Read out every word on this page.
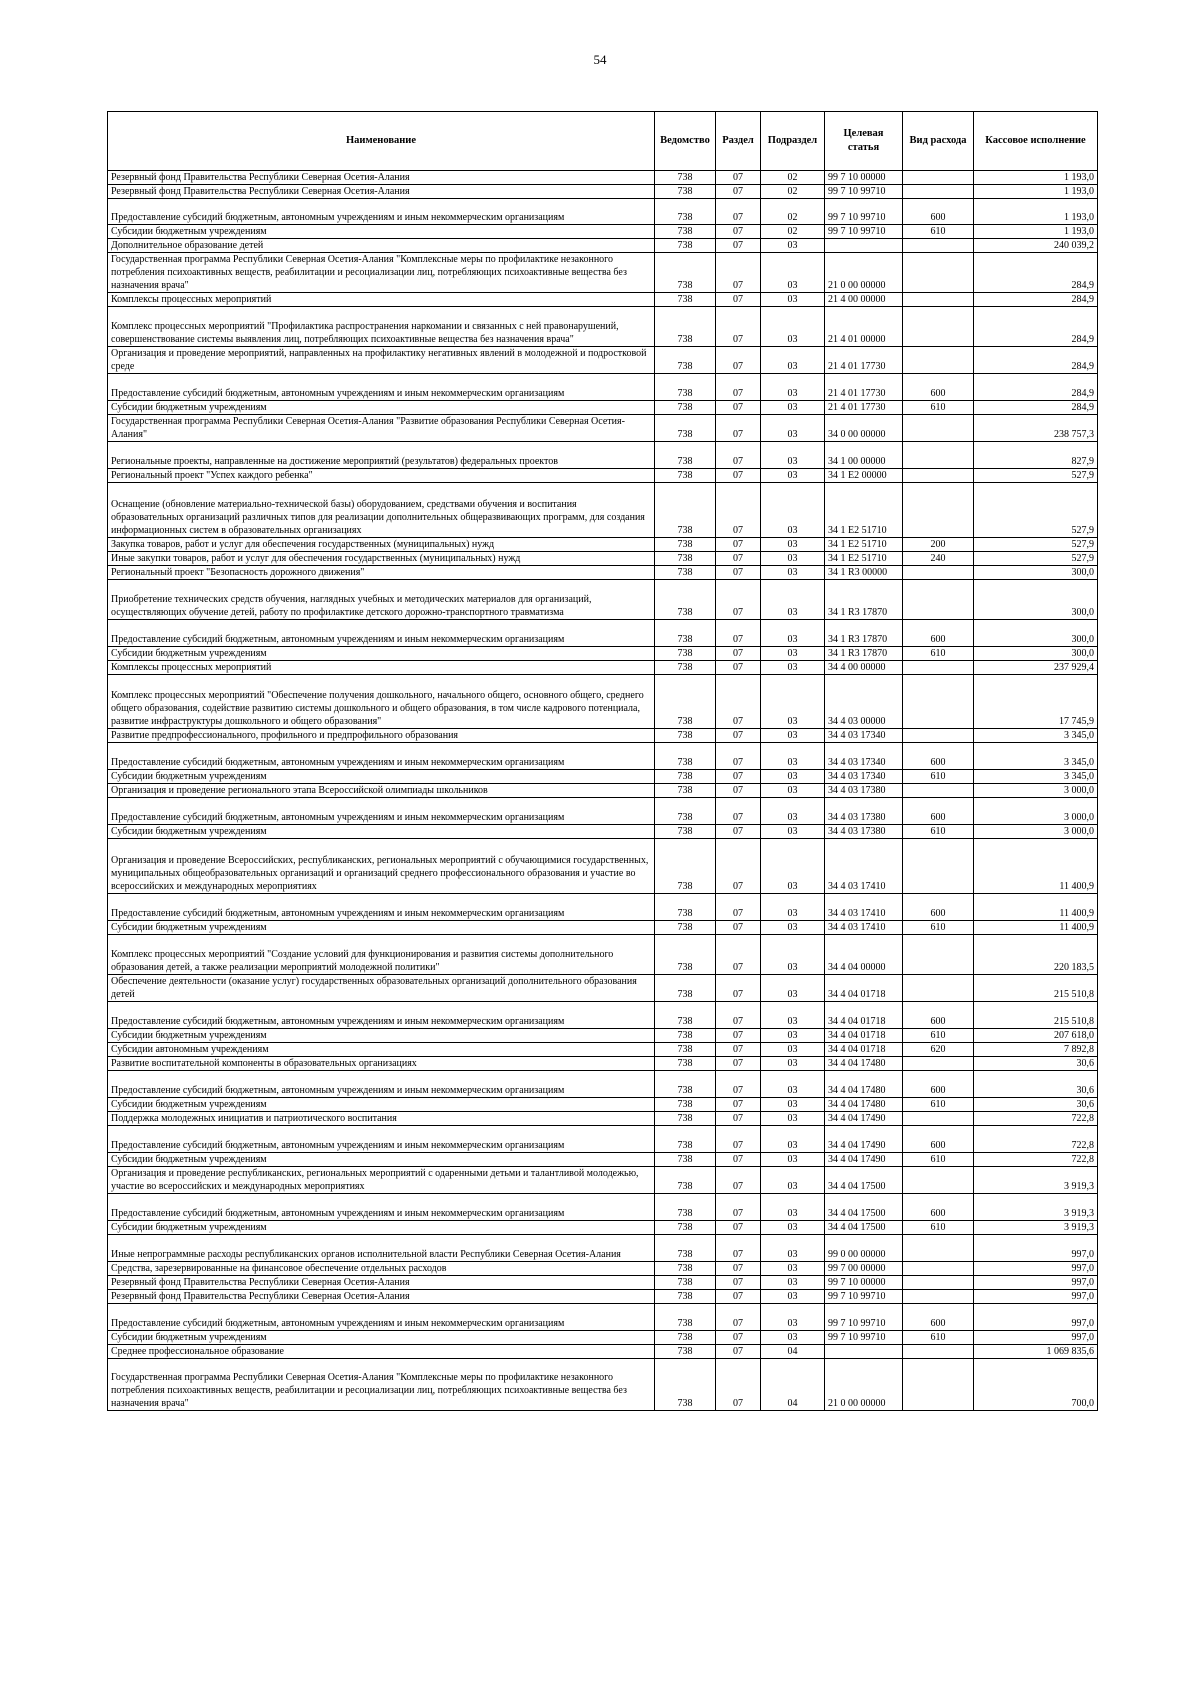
54
Наименование	Ведомство	Раздел	Подраздел	Целевая статья	Вид расхода	Кассовое исполнение
Резервный фонд Правительства Республики Северная Осетия-Алания	738	07	02	99 7 10 00000		1 193,0
Резервный фонд Правительства Республики Северная Осетия-Алания	738	07	02	99 7 10 99710		1 193,0
Предоставление субсидий бюджетным, автономным учреждениям и иным некоммерческим организациям	738	07	02	99 7 10 99710	600	1 193,0
Субсидии бюджетным учреждениям	738	07	02	99 7 10 99710	610	1 193,0
Дополнительное образование детей	738	07	03			240 039,2
Государственная программа Республики Северная Осетия-Алания "Комплексные меры по профилактике незаконного потребления психоактивных веществ, реабилитации и ресоциализации лиц, потребляющих психоактивные вещества без назначения врача"	738	07	03	21 0 00 00000		284,9
Комплексы процессных мероприятий	738	07	03	21 4 00 00000		284,9
Комплекс процессных мероприятий "Профилактика распространения наркомании и связанных с ней правонарушений, совершенствование системы выявления лиц, потребляющих психоактивные вещества без назначения врача"	738	07	03	21 4 01 00000		284,9
Организация и проведение мероприятий, направленных на профилактику негативных явлений в молодежной и подростковой среде	738	07	03	21 4 01 17730		284,9
Предоставление субсидий бюджетным, автономным учреждениям и иным некоммерческим организациям	738	07	03	21 4 01 17730	600	284,9
Субсидии бюджетным учреждениям	738	07	03	21 4 01 17730	610	284,9
Государственная программа Республики Северная Осетия-Алания "Развитие образования Республики Северная Осетия-Алания"	738	07	03	34 0 00 00000		238 757,3
Региональные проекты, направленные на достижение мероприятий (результатов) федеральных проектов	738	07	03	34 1 00 00000		827,9
Региональный проект "Успех каждого ребенка"	738	07	03	34 1 E2 00000		527,9
Оснащение (обновление материально-технической базы) оборудованием, средствами обучения и воспитания образовательных организаций различных типов для реализации дополнительных общеразвивающих программ, для создания информационных систем в образовательных организациях	738	07	03	34 1 E2 51710		527,9
Закупка товаров, работ и услуг для обеспечения государственных (муниципальных) нужд	738	07	03	34 1 E2 51710	200	527,9
Иные закупки товаров, работ и услуг для обеспечения государственных (муниципальных) нужд	738	07	03	34 1 E2 51710	240	527,9
Региональный проект "Безопасность дорожного движения"	738	07	03	34 1 R3 00000		300,0
Приобретение технических средств обучения, наглядных учебных и методических материалов для организаций, осуществляющих обучение детей, работу по профилактике детского дорожно-транспортного травматизма	738	07	03	34 1 R3 17870		300,0
Предоставление субсидий бюджетным, автономным учреждениям и иным некоммерческим организациям	738	07	03	34 1 R3 17870	600	300,0
Субсидии бюджетным учреждениям	738	07	03	34 1 R3 17870	610	300,0
Комплексы процессных мероприятий	738	07	03	34 4 00 00000		237 929,4
Комплекс процессных мероприятий "Обеспечение получения дошкольного, начального общего, основного общего, среднего общего образования, содействие развитию системы дошкольного и общего образования, в том числе кадрового потенциала, развитие инфраструктуры дошкольного и общего образования"	738	07	03	34 4 03 00000		17 745,9
Развитие предпрофессионального, профильного и предпрофильного образования	738	07	03	34 4 03 17340		3 345,0
Предоставление субсидий бюджетным, автономным учреждениям и иным некоммерческим организациям	738	07	03	34 4 03 17340	600	3 345,0
Субсидии бюджетным учреждениям	738	07	03	34 4 03 17340	610	3 345,0
Организация и проведение регионального этапа Всероссийской олимпиады школьников	738	07	03	34 4 03 17380		3 000,0
Предоставление субсидий бюджетным, автономным учреждениям и иным некоммерческим организациям	738	07	03	34 4 03 17380	600	3 000,0
Субсидии бюджетным учреждениям	738	07	03	34 4 03 17380	610	3 000,0
Организация и проведение Всероссийских, республиканских, региональных мероприятий с обучающимися государственных, муниципальных общеобразовательных организаций и организаций среднего профессионального образования и участие во всероссийских и международных мероприятиях	738	07	03	34 4 03 17410		11 400,9
Предоставление субсидий бюджетным, автономным учреждениям и иным некоммерческим организациям	738	07	03	34 4 03 17410	600	11 400,9
Субсидии бюджетным учреждениям	738	07	03	34 4 03 17410	610	11 400,9
Комплекс процессных мероприятий "Создание условий для функционирования и развития системы дополнительного образования детей, а также реализации мероприятий молодежной политики"	738	07	03	34 4 04 00000		220 183,5
Обеспечение деятельности (оказание услуг) государственных образовательных организаций дополнительного образования детей	738	07	03	34 4 04 01718		215 510,8
Предоставление субсидий бюджетным, автономным учреждениям и иным некоммерческим организациям	738	07	03	34 4 04 01718	600	215 510,8
Субсидии бюджетным учреждениям	738	07	03	34 4 04 01718	610	207 618,0
Субсидии автономным учреждениям	738	07	03	34 4 04 01718	620	7 892,8
Развитие воспитательной компоненты в образовательных организациях	738	07	03	34 4 04 17480		30,6
Предоставление субсидий бюджетным, автономным учреждениям и иным некоммерческим организациям	738	07	03	34 4 04 17480	600	30,6
Субсидии бюджетным учреждениям	738	07	03	34 4 04 17480	610	30,6
Поддержка молодежных инициатив и патриотического воспитания	738	07	03	34 4 04 17490		722,8
Предоставление субсидий бюджетным, автономным учреждениям и иным некоммерческим организациям	738	07	03	34 4 04 17490	600	722,8
Субсидии бюджетным учреждениям	738	07	03	34 4 04 17490	610	722,8
Организация и проведение республиканских, региональных мероприятий с одаренными детьми и талантливой молодежью, участие во всероссийских и международных мероприятиях	738	07	03	34 4 04 17500		3 919,3
Предоставление субсидий бюджетным, автономным учреждениям и иным некоммерческим организациям	738	07	03	34 4 04 17500	600	3 919,3
Субсидии бюджетным учреждениям	738	07	03	34 4 04 17500	610	3 919,3
Иные непрограммные расходы республиканских органов исполнительной власти Республики Северная Осетия-Алания	738	07	03	99 0 00 00000		997,0
Средства, зарезервированные на финансовое обеспечение отдельных расходов	738	07	03	99 7 00 00000		997,0
Резервный фонд Правительства Республики Северная Осетия-Алания	738	07	03	99 7 10 00000		997,0
Резервный фонд Правительства Республики Северная Осетия-Алания	738	07	03	99 7 10 99710		997,0
Предоставление субсидий бюджетным, автономным учреждениям и иным некоммерческим организациям	738	07	03	99 7 10 99710	600	997,0
Субсидии бюджетным учреждениям	738	07	03	99 7 10 99710	610	997,0
Среднее профессиональное образование	738	07	04			1 069 835,6
Государственная программа Республики Северная Осетия-Алания "Комплексные меры по профилактике незаконного потребления психоактивных веществ, реабилитации и ресоциализации лиц, потребляющих психоактивные вещества без назначения врача"	738	07	04	21 0 00 00000		700,0
